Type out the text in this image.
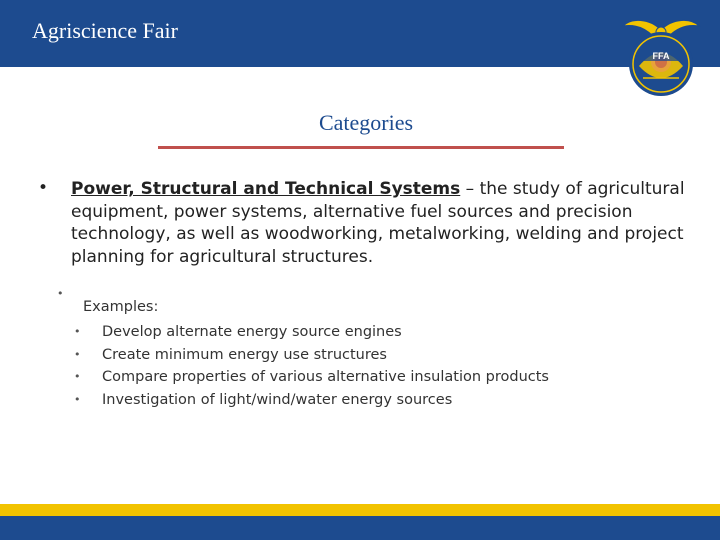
Agriscience Fair
FFA
Categories
• Power, Structural and Technical Systems – the study of agricultural equipment, power systems, alternative fuel sources and precision technology, as well as woodworking, metalworking, welding and project planning for agricultural structures.
•
Examples:
• Develop alternate energy source engines
• Create minimum energy use structures
• Compare properties of various alternative insulation products
• Investigation of light/wind/water energy sources
